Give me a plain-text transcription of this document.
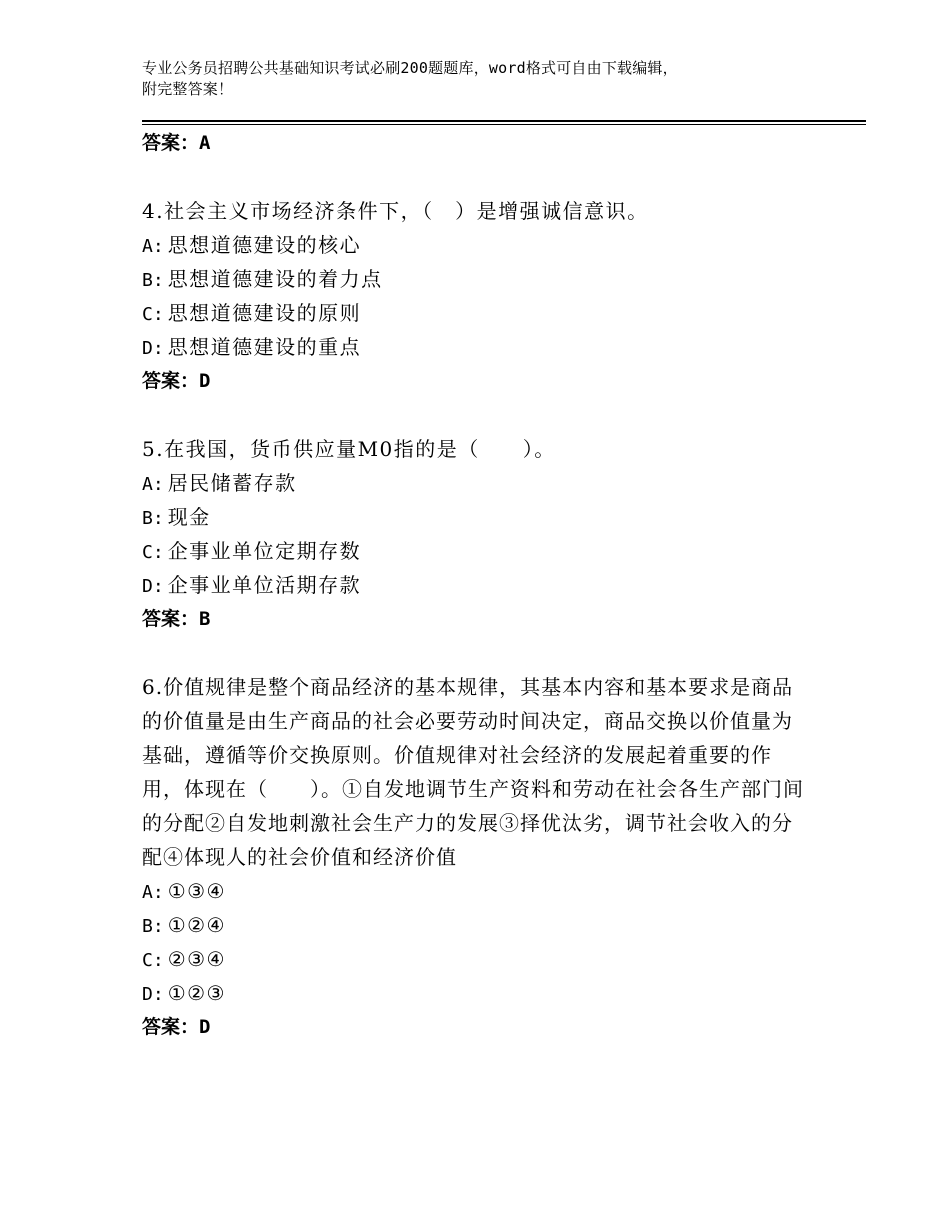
专业公务员招聘公共基础知识考试必刷200题题库，word格式可自由下载编辑，
附完整答案！
答案：A
4.社会主义市场经济条件下，（　）是增强诚信意识。
A: 思想道德建设的核心
B: 思想道德建设的着力点
C: 思想道德建设的原则
D: 思想道德建设的重点
答案：D
5.在我国，货币供应量M0指的是（　　）。
A: 居民储蓄存款
B: 现金
C: 企事业单位定期存数
D: 企事业单位活期存款
答案：B
6.价值规律是整个商品经济的基本规律，其基本内容和基本要求是商品的价值量是由生产商品的社会必要劳动时间决定，商品交换以价值量为基础，遵循等价交换原则。价值规律对社会经济的发展起着重要的作用，体现在（　　）。①自发地调节生产资料和劳动在社会各生产部门间的分配②自发地刺激社会生产力的发展③择优汰劣，调节社会收入的分配④体现人的社会价值和经济价值
A: ①③④
B: ①②④
C: ②③④
D: ①②③
答案：D
